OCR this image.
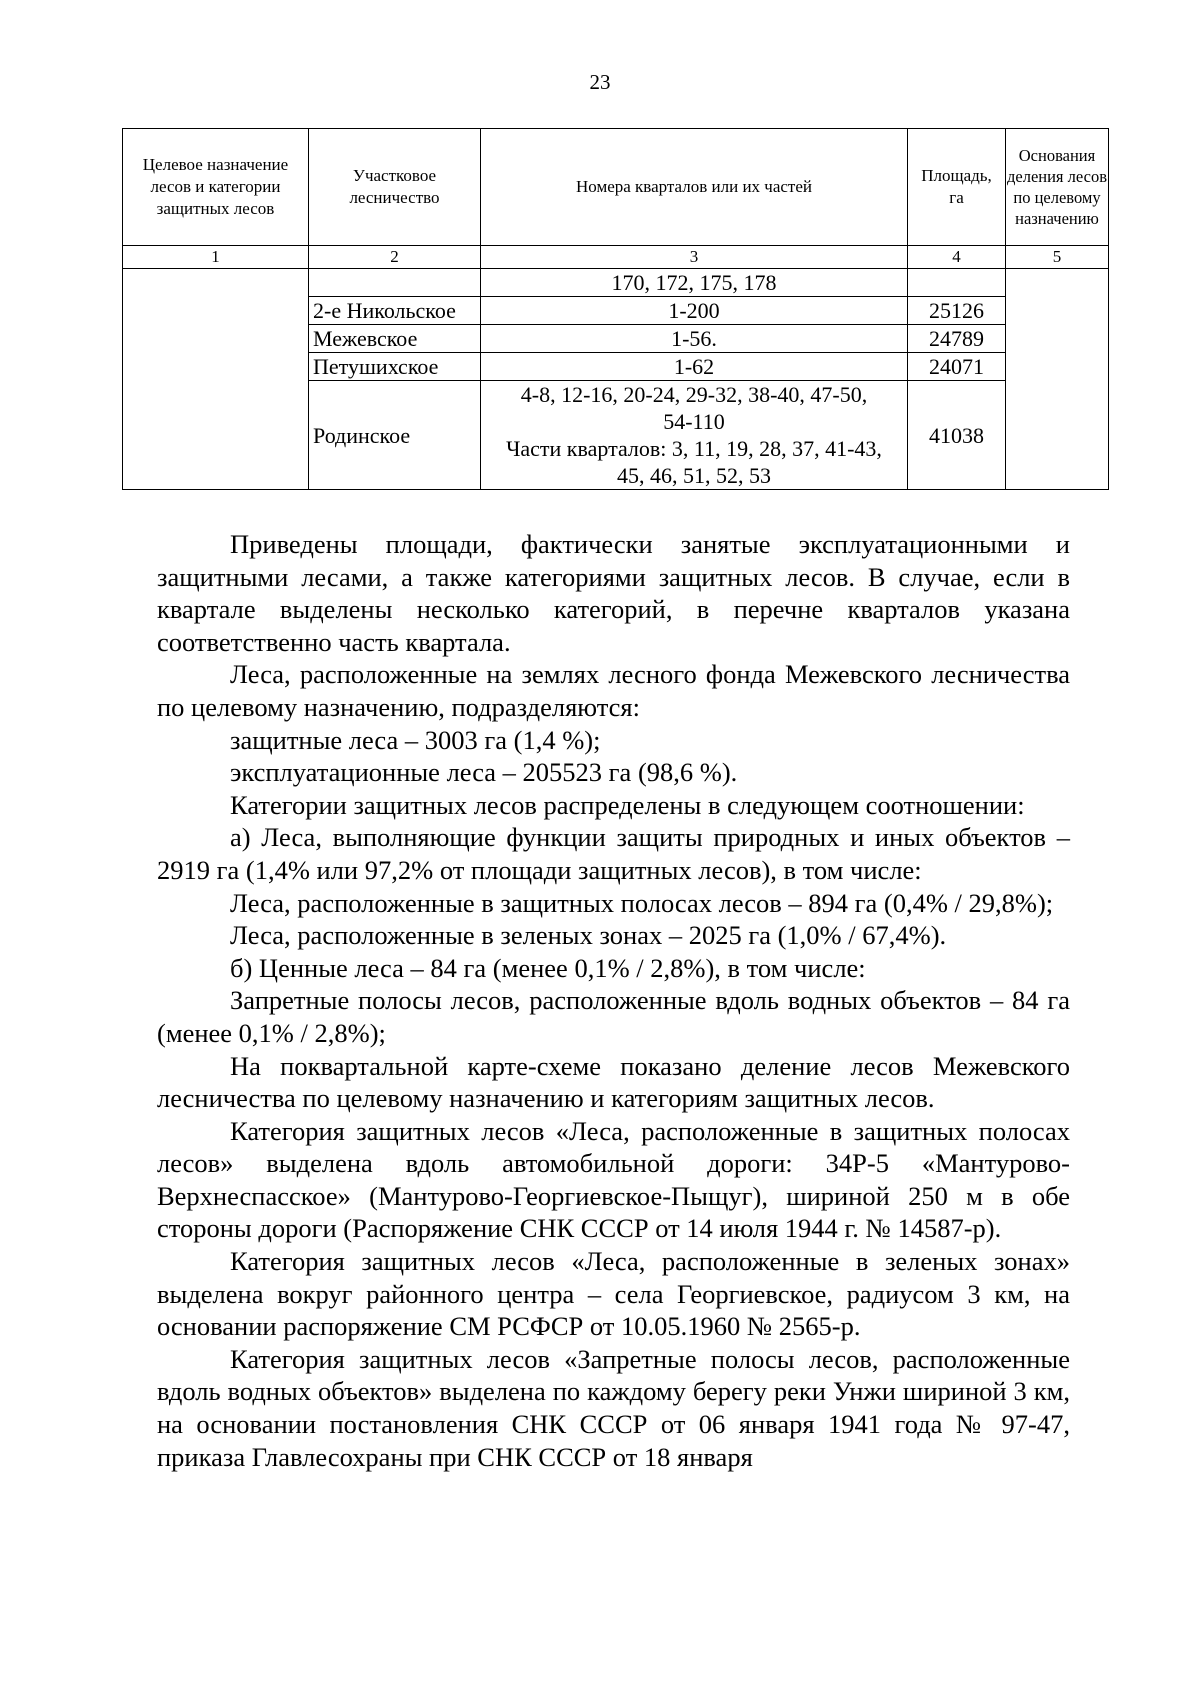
23
Целевое назначение лесов и категории защитных лесов	Участковое лесничество	Номера кварталов или их частей	Площадь, га	Основания деления лесов по целевому назначению
1	2	3	4	5
		170, 172, 175, 178		
	2-е Никольское	1-200	25126	
	Межевское	1-56.	24789	
	Петушихское	1-62	24071	
	Родинское	4-8, 12-16, 20-24, 29-32, 38-40, 47-50,
54-110
Части кварталов: 3, 11, 19, 28, 37, 41-43,
45, 46, 51, 52, 53	41038	

Приведены площади, фактически занятые эксплуатационными и защитными лесами, а также категориями защитных лесов. В случае, если в квартале выделены несколько категорий, в перечне кварталов указана соответственно часть квартала.

Леса, расположенные на землях лесного фонда Межевского лесничества по целевому назначению, подразделяются:

защитные леса – 3003 га (1,4 %);

эксплуатационные леса – 205523 га (98,6 %).

Категории защитных лесов распределены в следующем соотношении:

а) Леса, выполняющие функции защиты природных и иных объектов – 2919 га (1,4% или 97,2% от площади защитных лесов), в том числе:

Леса, расположенные в защитных полосах лесов – 894 га (0,4% / 29,8%);

Леса, расположенные в зеленых зонах – 2025 га (1,0% / 67,4%).

б) Ценные леса – 84 га (менее 0,1% / 2,8%), в том числе:

Запретные полосы лесов, расположенные вдоль водных объектов – 84 га (менее 0,1% / 2,8%);

На поквартальной карте-схеме показано деление лесов Межевского лесничества по целевому назначению и категориям защитных лесов.

Категория защитных лесов «Леса, расположенные в защитных полосах лесов» выделена вдоль автомобильной дороги: 34Р-5 «Мантурово-Верхнеспасское» (Мантурово-Георгиевское-Пыщуг), шириной 250 м в обе стороны дороги (Распоряжение СНК СССР от 14 июля 1944 г. № 14587-р).

Категория защитных лесов «Леса, расположенные в зеленых зонах» выделена вокруг районного центра – села Георгиевское, радиусом 3 км, на основании распоряжение СМ РСФСР от 10.05.1960 № 2565-р.

Категория защитных лесов «Запретные полосы лесов, расположенные вдоль водных объектов» выделена по каждому берегу реки Унжи шириной 3 км, на основании постановления СНК СССР от 06 января 1941 года № 97-47, приказа Главлесохраны при СНК СССР от 18 января
